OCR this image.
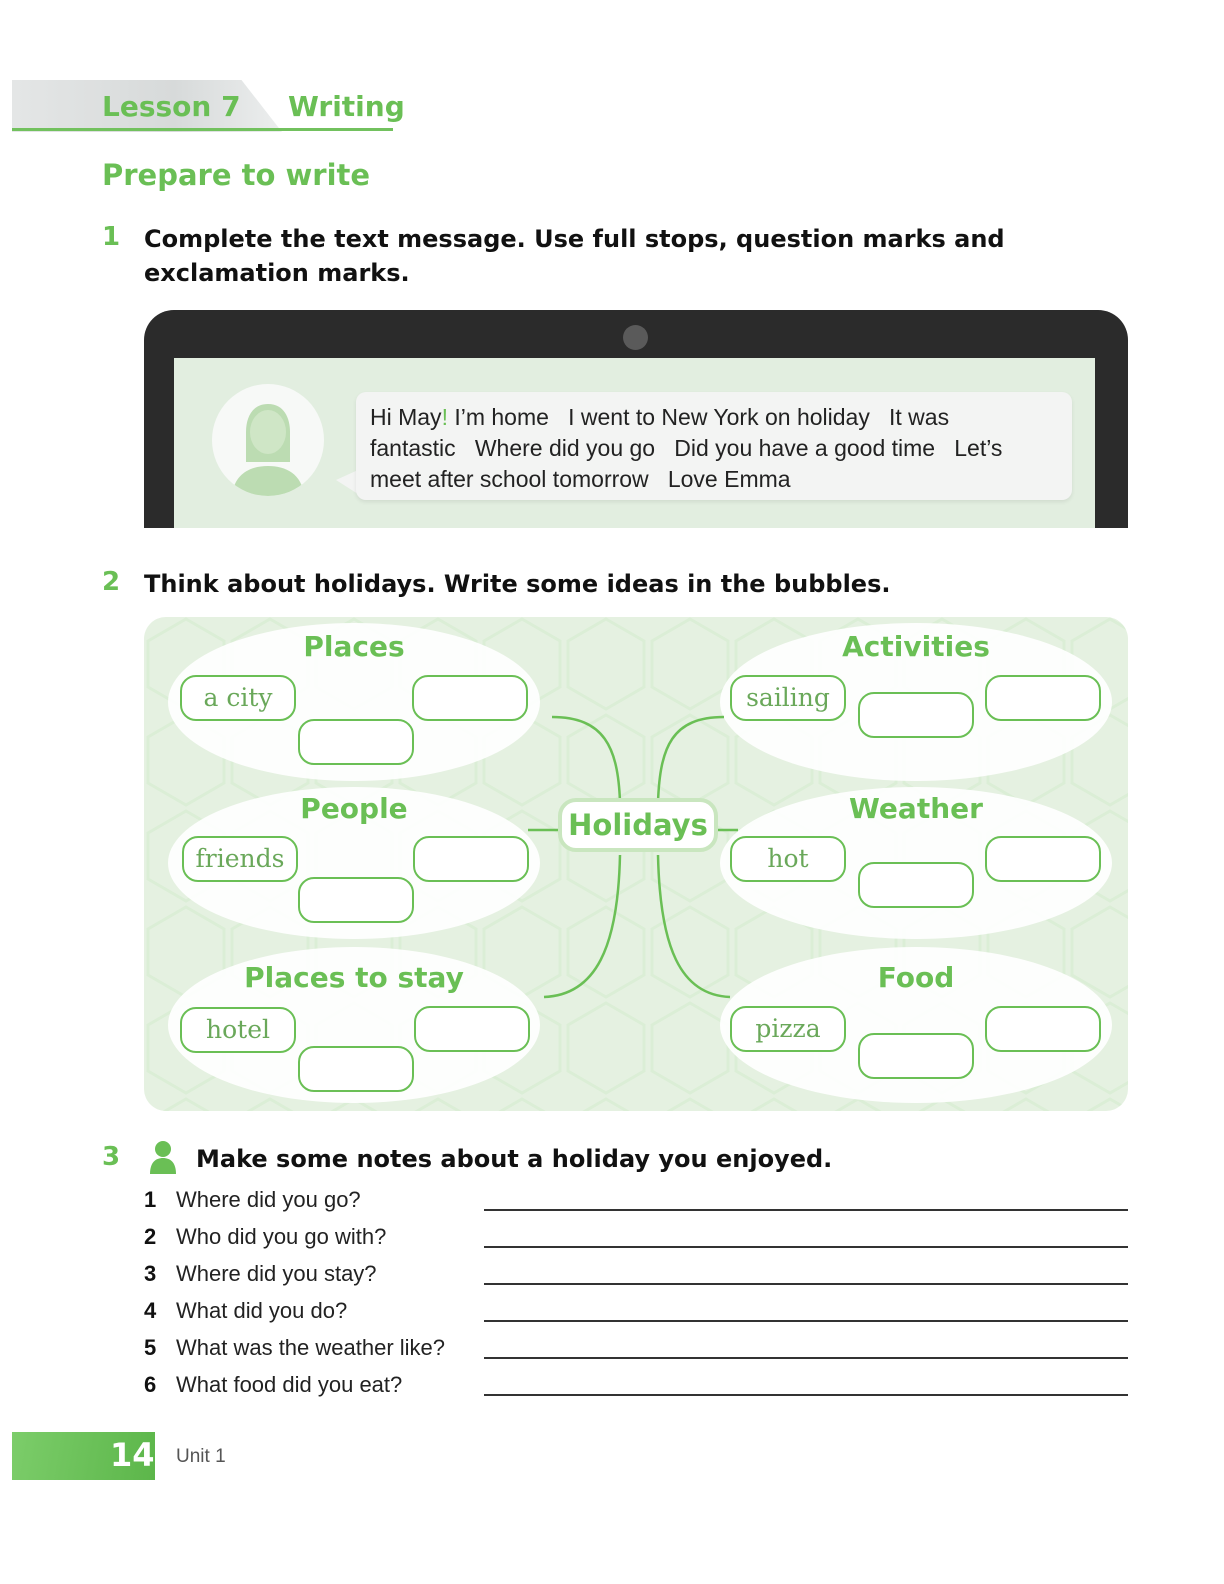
Lesson 7 Writing
Prepare to write
1 Complete the text message. Use full stops, question marks and
exclamation marks.
Hi May! I’m home   I went to New York on holiday   It was
fantastic   Where did you go   Did you have a good time   Let’s
meet after school tomorrow   Love Emma
2 Think about holidays. Write some ideas in the bubbles.
Places
People
Places to stay
Activities
Weather
Food
Holidays
a city
friends
hotel
sailing
hot
pizza
3	Make some notes about a holiday you enjoyed.
1 Where did you go?
2 Who did you go with?
3 Where did you stay?
4 What did you do?
5 What was the weather like?
6 What food did you eat?
14 Unit 1
